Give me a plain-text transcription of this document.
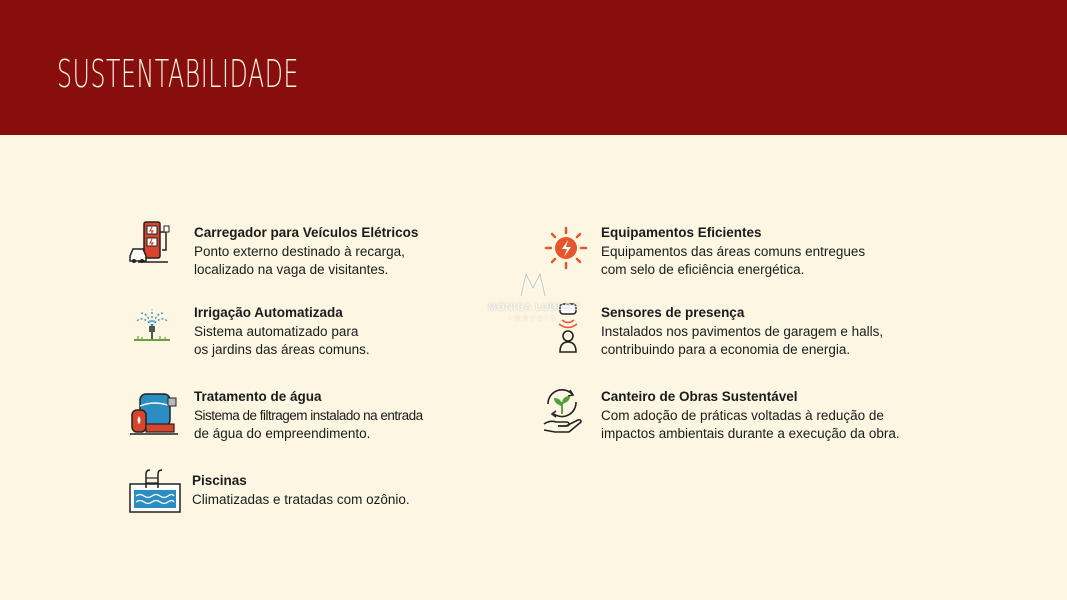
SUSTENTABILIDADE
Carregador para Veículos Elétricos
Ponto externo destinado à recarga,
localizado na vaga de visitantes.
Irrigação Automatizada
Sistema automatizado para
os jardins das áreas comuns.
Tratamento de água
Sistema de filtragem instalado na entrada
de água do empreendimento.
Piscinas
Climatizadas e tratadas com ozônio.
Equipamentos Eficientes
Equipamentos das áreas comuns entregues
com selo de eficiência energética.
Sensores de presença
Instalados nos pavimentos de garagem e halls,
contribuindo para a economia de energia.
Canteiro de Obras Sustentável
Com adoção de práticas voltadas à redução de
impactos ambientais durante a execução da obra.
MÔNICA LUDERS
IMÓVEIS
